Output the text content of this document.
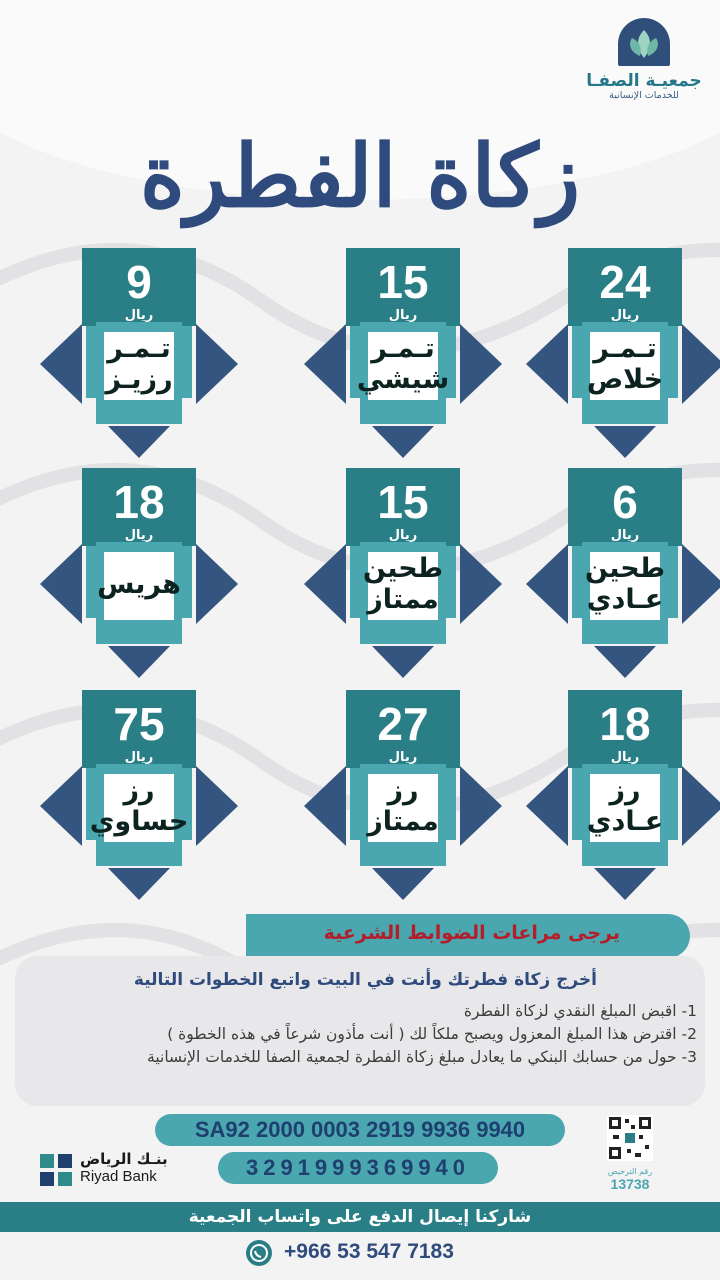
جمعيـة الصفـا
للخدمات الإنسانية
زكاة الفطرة
24
ريال
تـمـر
خلاص
15
ريال
تـمـر
شيشي
9
ريال
تـمـر
رزيـز
6
ريال
طحين
عـادي
15
ريال
طحين
ممتاز
18
ريال
هريس
18
ريال
رز
عـادي
27
ريال
رز
ممتاز
75
ريال
رز
حساوي
يرجى مراعات الضوابط الشرعية
أخرج زكاة فطرتك وأنت في البيت واتبع الخطوات التالية
1- اقبض المبلغ النقدي لزكاة الفطرة
2- اقترض هذا المبلغ المعزول ويصبح ملكاً لك ( أنت مأذون شرعاً في هذه الخطوة )
3- حول من حسابك البنكي ما يعادل مبلغ زكاة الفطرة لجمعية الصفا للخدمات الإنسانية
SA92 2000 0003 2919 9936 9940
3291999369940
بنـك الرياض
Riyad Bank	رقم الترخيص
13738
شاركنا إيصال الدفع على واتساب الجمعية
+966 53 547 7183
